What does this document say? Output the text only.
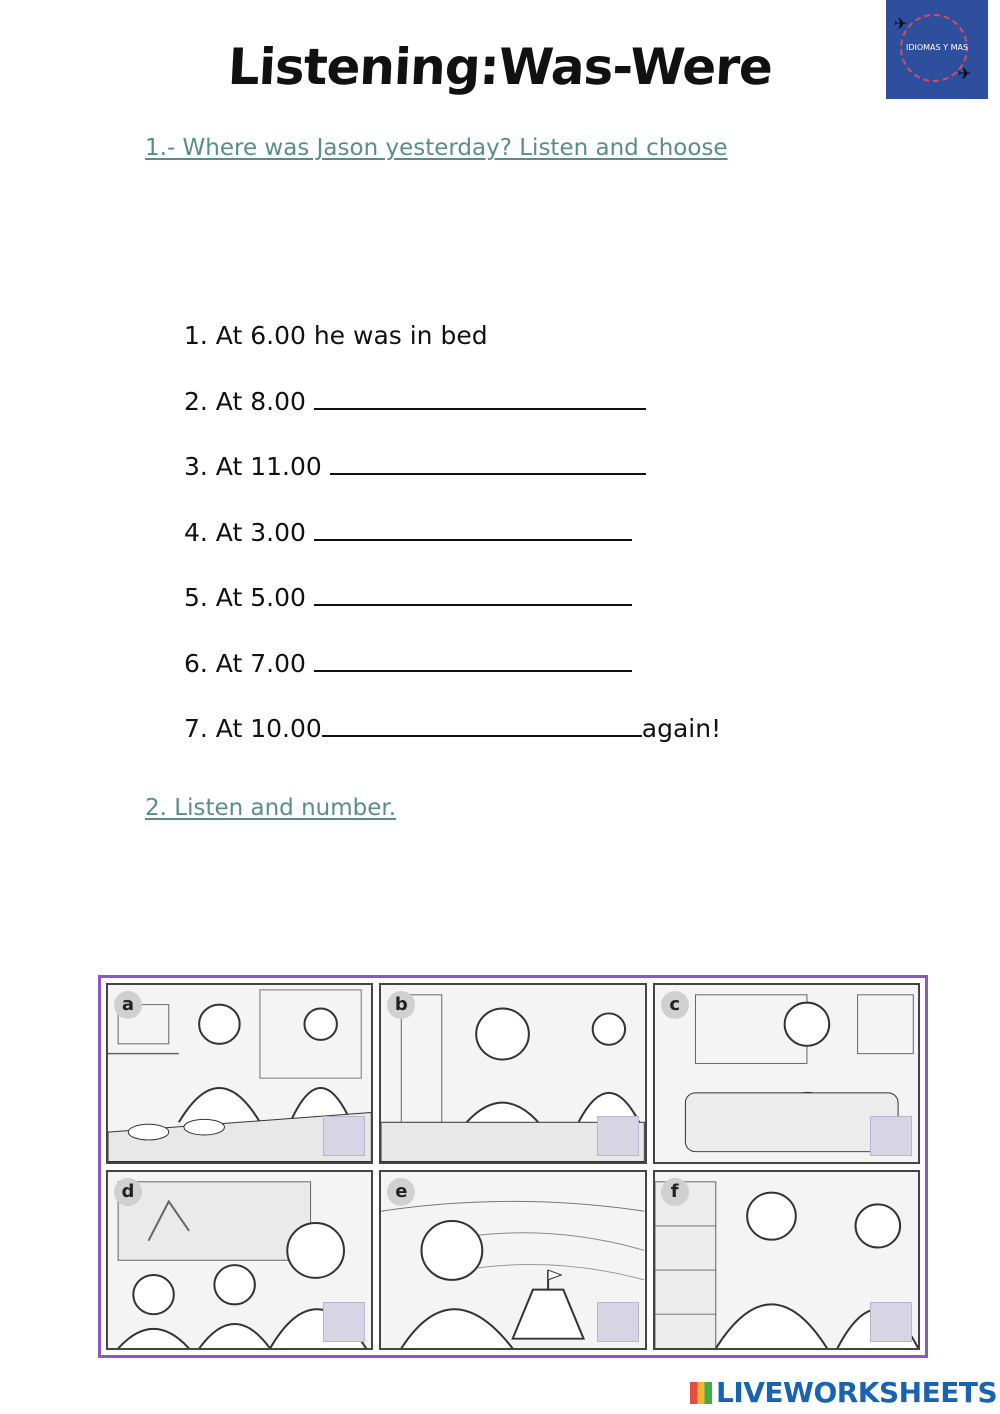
Listening:Was-Were
✈
✈
IDIOMAS Y MAS
1.- Where was Jason yesterday? Listen and choose
1. At 6.00 he was in bed
2. At 8.00
3. At 11.00
4. At 3.00
5. At 5.00
6. At 7.00
7. At 10.00	again!
2. Listen and number.
a	b	c
d	e	f
LIVEWORKSHEETS
